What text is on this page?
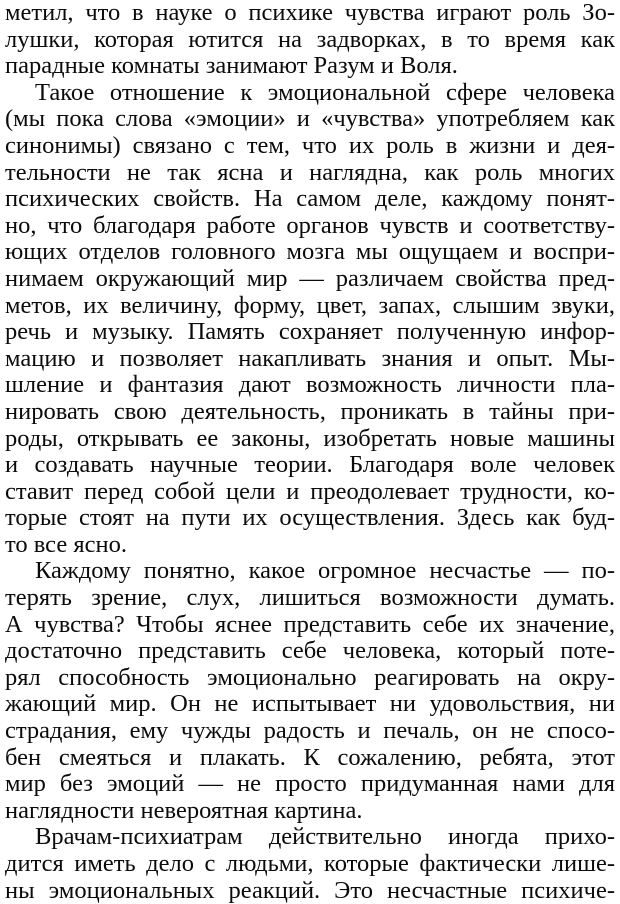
метил, что в науке о психике чувства играют роль Зо-
лушки, которая ютится на задворках, в то время как
парадные комнаты занимают Разум и Воля.
Такое отношение к эмоциональной сфере человека
(мы пока слова «эмоции» и «чувства» употребляем как
синонимы) связано с тем, что их роль в жизни и дея-
тельности не так ясна и наглядна, как роль многих
психических свойств. На самом деле, каждому понят-
но, что благодаря работе органов чувств и соответству-
ющих отделов головного мозга мы ощущаем и воспри-
нимаем окружающий мир — различаем свойства пред-
метов, их величину, форму, цвет, запах, слышим звуки,
речь и музыку. Память сохраняет полученную инфор-
мацию и позволяет накапливать знания и опыт. Мы-
шление и фантазия дают возможность личности пла-
нировать свою деятельность, проникать в тайны при-
роды, открывать ее законы, изобретать новые машины
и создавать научные теории. Благодаря воле человек
ставит перед собой цели и преодолевает трудности, ко-
торые стоят на пути их осуществления. Здесь как буд-
то все ясно.
Каждому понятно, какое огромное несчастье — по-
терять зрение, слух, лишиться возможности думать.
А чувства? Чтобы яснее представить себе их значение,
достаточно представить себе человека, который поте-
рял способность эмоционально реагировать на окру-
жающий мир. Он не испытывает ни удовольствия, ни
страдания, ему чужды радость и печаль, он не спосо-
бен смеяться и плакать. К сожалению, ребята, этот
мир без эмоций — не просто придуманная нами для
наглядности невероятная картина.
Врачам-психиатрам действительно иногда прихо-
дится иметь дело с людьми, которые фактически лише-
ны эмоциональных реакций. Это несчастные психиче-
